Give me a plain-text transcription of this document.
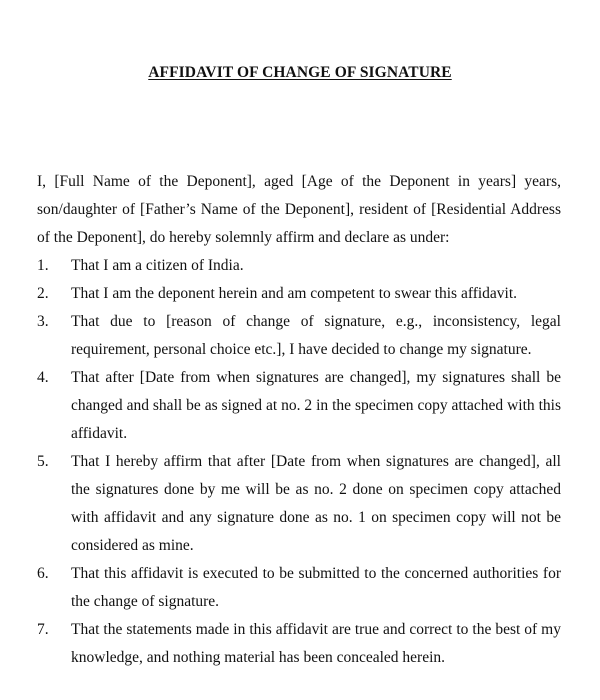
AFFIDAVIT OF CHANGE OF SIGNATURE

I, [Full Name of the Deponent], aged [Age of the Deponent in years] years, son/daughter of [Father’s Name of the Deponent], resident of [Residential Address of the Deponent], do hereby solemnly affirm and declare as under:

1.	That I am a citizen of India.
2.	That I am the deponent herein and am competent to swear this affidavit.
3.	That due to [reason of change of signature, e.g., inconsistency, legal requirement, personal choice etc.], I have decided to change my signature.
4.	That after [Date from when signatures are changed], my signatures shall be changed and shall be as signed at no. 2 in the specimen copy attached with this affidavit.
5.	That I hereby affirm that after [Date from when signatures are changed], all the signatures done by me will be as no. 2 done on specimen copy attached with affidavit and any signature done as no. 1 on specimen copy will not be considered as mine.
6.	That this affidavit is executed to be submitted to the concerned authorities for the change of signature.
7.	That the statements made in this affidavit are true and correct to the best of my knowledge, and nothing material has been concealed herein.
